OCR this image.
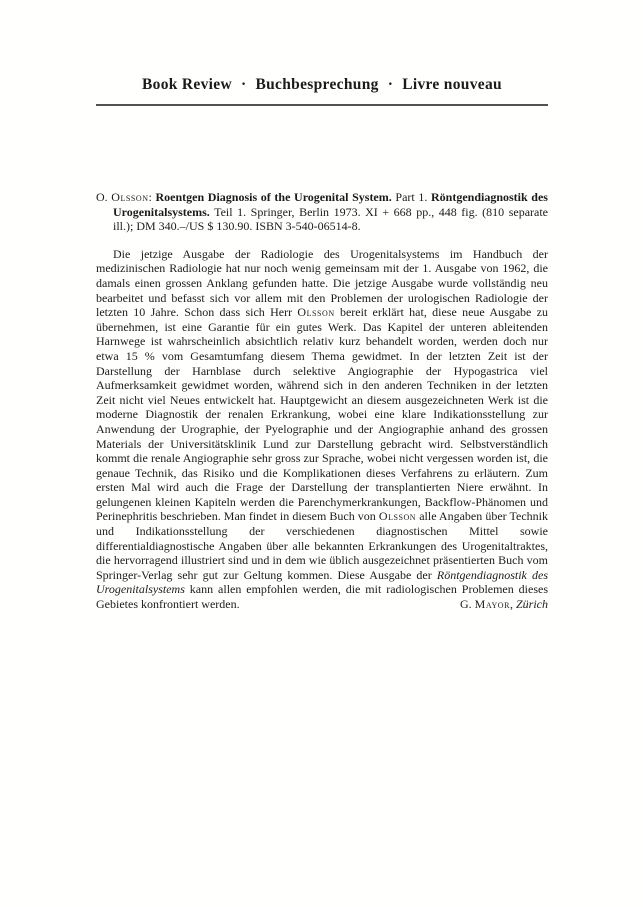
Book Review · Buchbesprechung · Livre nouveau

O. Olsson: Roentgen Diagnosis of the Urogenital System. Part 1. Röntgendiagnostik des Urogenitalsystems. Teil 1. Springer, Berlin 1973. XI + 668 pp., 448 fig. (810 separate ill.); DM 340.–/US $ 130.90. ISBN 3-540-06514-8.

Die jetzige Ausgabe der Radiologie des Urogenitalsystems im Handbuch der medizinischen Radiologie hat nur noch wenig gemeinsam mit der 1. Ausgabe von 1962, die damals einen grossen Anklang gefunden hatte. Die jetzige Ausgabe wurde vollständig neu bearbeitet und befasst sich vor allem mit den Problemen der urologischen Radiologie der letzten 10 Jahre. Schon dass sich Herr Olsson bereit erklärt hat, diese neue Ausgabe zu übernehmen, ist eine Garantie für ein gutes Werk. Das Kapitel der unteren ableitenden Harnwege ist wahrscheinlich absichtlich relativ kurz behandelt worden, werden doch nur etwa 15 % vom Gesamtumfang diesem Thema gewidmet. In der letzten Zeit ist der Darstellung der Harnblase durch selektive Angiographie der Hypogastrica viel Aufmerksamkeit gewidmet worden, während sich in den anderen Techniken in der letzten Zeit nicht viel Neues entwickelt hat. Hauptgewicht an diesem ausgezeichneten Werk ist die moderne Diagnostik der renalen Erkrankung, wobei eine klare Indikationsstellung zur Anwendung der Urographie, der Pyelographie und der Angiographie anhand des grossen Materials der Universitätsklinik Lund zur Darstellung gebracht wird. Selbstverständlich kommt die renale Angiographie sehr gross zur Sprache, wobei nicht vergessen worden ist, die genaue Technik, das Risiko und die Komplikationen dieses Verfahrens zu erläutern. Zum ersten Mal wird auch die Frage der Darstellung der transplantierten Niere erwähnt. In gelungenen kleinen Kapiteln werden die Parenchymerkrankungen, Backflow-Phänomen und Perinephritis beschrieben. Man findet in diesem Buch von Olsson alle Angaben über Technik und Indikationsstellung der verschiedenen diagnostischen Mittel sowie differentialdiagnostische Angaben über alle bekannten Erkrankungen des Urogenitaltraktes, die hervorragend illustriert sind und in dem wie üblich ausgezeichnet präsentierten Buch vom Springer-Verlag sehr gut zur Geltung kommen. Diese Ausgabe der Röntgendiagnostik des Urogenitalsystems kann allen empfohlen werden, die mit radiologischen Problemen dieses Gebietes konfrontiert werden.	G. Mayor, Zürich
